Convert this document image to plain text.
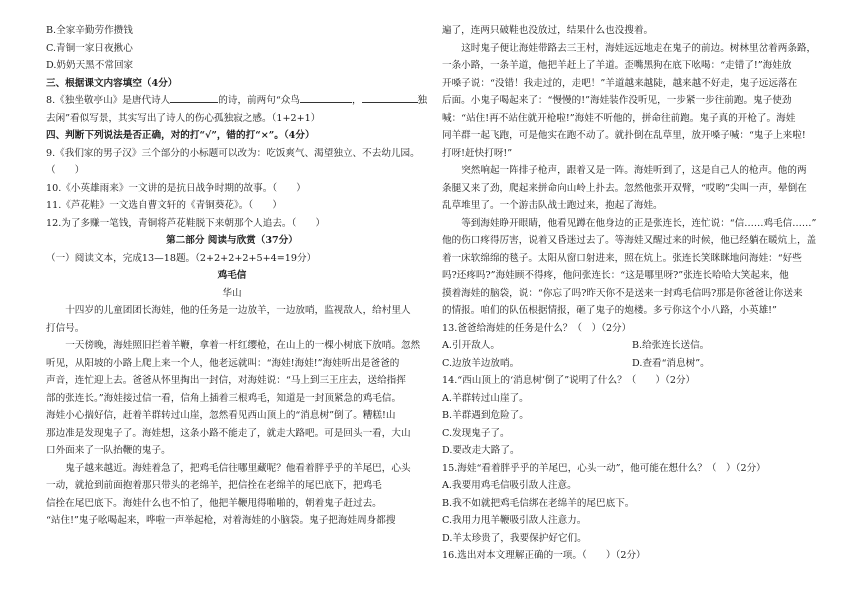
B.全家辛勤劳作攒钱
C.青铜一家日夜揪心
D.奶奶天黑不常回家
三、根据课文内容填空（4分）
8.《独坐敬亭山》是唐代诗人	的诗，前两句“众鸟	，	独
去闲”看似写景，其实写出了诗人的伤心孤独寂之感。（1+2+1）
四、判断下列说法是否正确，对的打“√”，错的打“×”。（4分）
9.《我们家的男子汉》三个部分的小标题可以改为：吃饭爽气、渴望独立、不去幼儿园。
（　　）
10.《小英雄雨来》一文讲的是抗日战争时期的故事。（　　）
11.《芦花鞋》一文选自曹文轩的《青铜葵花》。（　　）
12.为了多赚一笔钱，青铜将芦花鞋脱下来朝那个人追去。（　　）
第二部分 阅读与欣赏（37分）
（一）阅读文本，完成13—18题。（2+2+2+2+5+4=19分）
鸡毛信
华山
十四岁的儿童团团长海娃，他的任务是一边放羊，一边放哨，监视敌人，给村里人
打信号。
一天傍晚，海娃照旧拦着羊鞭，拿着一杆红缨枪，在山上的一棵小树底下放哨。忽然
听见，从阳坡的小路上爬上来一个人，他老远就叫：“海娃!海娃!”海娃听出是爸爸的
声音，连忙迎上去。爸爸从怀里掏出一封信，对海娃说：“马上到三王庄去，送给指挥
部的张连长。”海娃接过信一看，信角上插着三根鸡毛，知道是一封顶紧急的鸡毛信。
海娃小心揣好信，赶着羊群转过山崖，忽然看见西山顶上的“消息树”倒了。糟糕!山
那边准是发现鬼子了。海娃想，这条小路不能走了，就走大路吧。可是回头一看，大山
口外面来了一队抬鞭的鬼子。
鬼子越来越近。海娃着急了，把鸡毛信往哪里藏呢？他看着胖乎乎的羊尾巴，心头
一动，就抢到前面抱着那只带头的老绵羊，把信拴在老绵羊的尾巴底下，把鸡毛
信拴在尾巴底下。海娃什么也不怕了，他把羊鞭甩得啪啪的，朝着鬼子赶过去。
“站住!”鬼子吆喝起来，哗啦一声举起枪，对着海娃的小脑袋。鬼子把海娃周身都搜
遍了，连两只破鞋也没放过，结果什么也没搜着。
这时鬼子便让海娃带路去三王村，海娃远远地走在鬼子的前边。树林里岔着两条路，
一条小路，一条羊道，他把羊赶上了羊道。歪嘴黑狗在底下吆喝：“走错了!”海娃放
开嗓子说：“没错！我走过的，走吧！”羊道越来越陡，越来越不好走，鬼子远远落在
后面。小鬼子喝起来了：“慢慢的!”海娃装作没听见，一步紧一步往前跑。鬼子使劲
喊：“站住!再不站住就开枪啦!”海娃不听他的，拼命往前跑。鬼子真的开枪了。海娃
同羊群一起飞跑，可是他实在跑不动了。就扑倒在乱草里，放开嗓子喊：“鬼子上来啦!
打呀!赶快打呀!”
突然响起一阵排子枪声，跟着又是一阵。海娃听到了，这是自己人的枪声。他的两
条腿又来了劲，爬起来拼命向山岭上扑去。忽然他张开双臂，“哎哟”尖叫一声，晕倒在
乱草堆里了。一个游击队战士跑过来，抱起了海娃。
等到海娃睁开眼睛，他看见蹲在他身边的正是张连长，连忙说：“信……鸡毛信……”
他的伤口疼得厉害，说着又昏迷过去了。等海娃又醒过来的时候，他已经躺在暖炕上，盖
着一床软绵绵的毯子。太阳从窗口射进来，照在炕上。张连长笑眯眯地问海娃：“好些
吗?还疼吗?”海娃顾不得疼，他问张连长：“这是哪里呀?”张连长哈哈大笑起来，他
摸着海娃的脑袋，说：“你忘了吗?昨天你不是送来一封鸡毛信吗?那是你爸爸让你送来
的情报。咱们的队伍根据情报，砸了鬼子的炮楼。多亏你这个小八路，小英雄!”
13.爸爸给海娃的任务是什么？（　）（2分）
A.引开敌人。	B.给张连长送信。
C.边放羊边放哨。	D.查看“消息树”。
14.“西山顶上的‘消息树’倒了”说明了什么？（　　）（2分）
A.羊群转过山崖了。
B.羊群遇到危险了。
C.发现鬼子了。
D.要改走大路了。
15.海娃“看着胖乎乎的羊尾巴，心头一动”，他可能在想什么？（　）（2分）
A.我要用鸡毛信吸引敌人注意。
B.我不如就把鸡毛信绑在老绵羊的尾巴底下。
C.我用力甩羊鞭吸引敌人注意力。
D.羊太珍贵了，我要保护好它们。
16.选出对本文理解正确的一项。（　　）（2分）
